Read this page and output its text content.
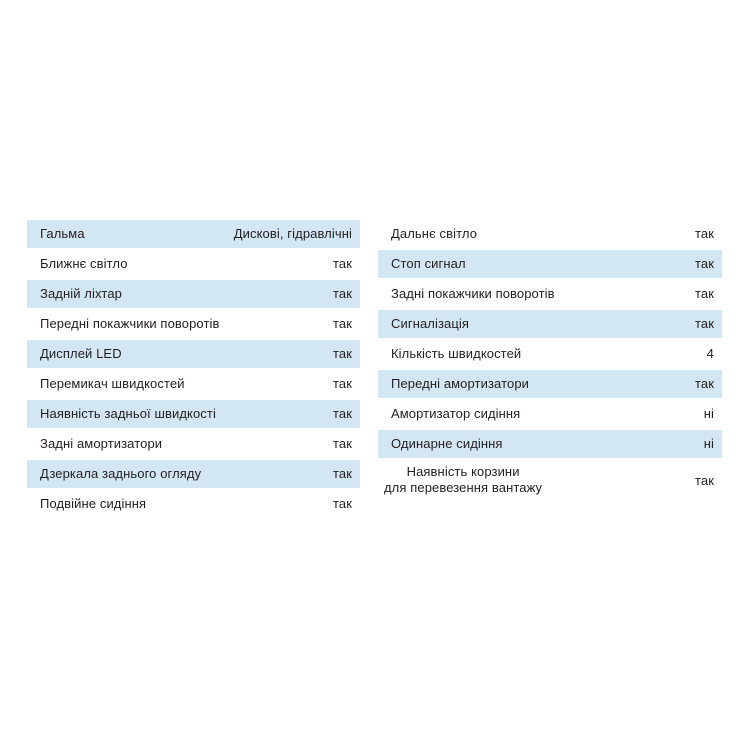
Гальма	Дискові, гідравлічні
Ближнє світло	так
Задній ліхтар	так
Передні покажчики поворотів	так
Дисплей LED	так
Перемикач швидкостей	так
Наявність задньої швидкості	так
Задні амортизатори	так
Дзеркала заднього огляду	так
Подвійне сидіння	так
Дальнє світло	так
Стоп сигнал	так
Задні покажчики поворотів	так
Сигналізація	так
Кількість швидкостей	4
Передні амортизатори	так
Амортизатор сидіння	ні
Одинарне сидіння	ні
Наявність корзини
для перевезення вантажу	так
